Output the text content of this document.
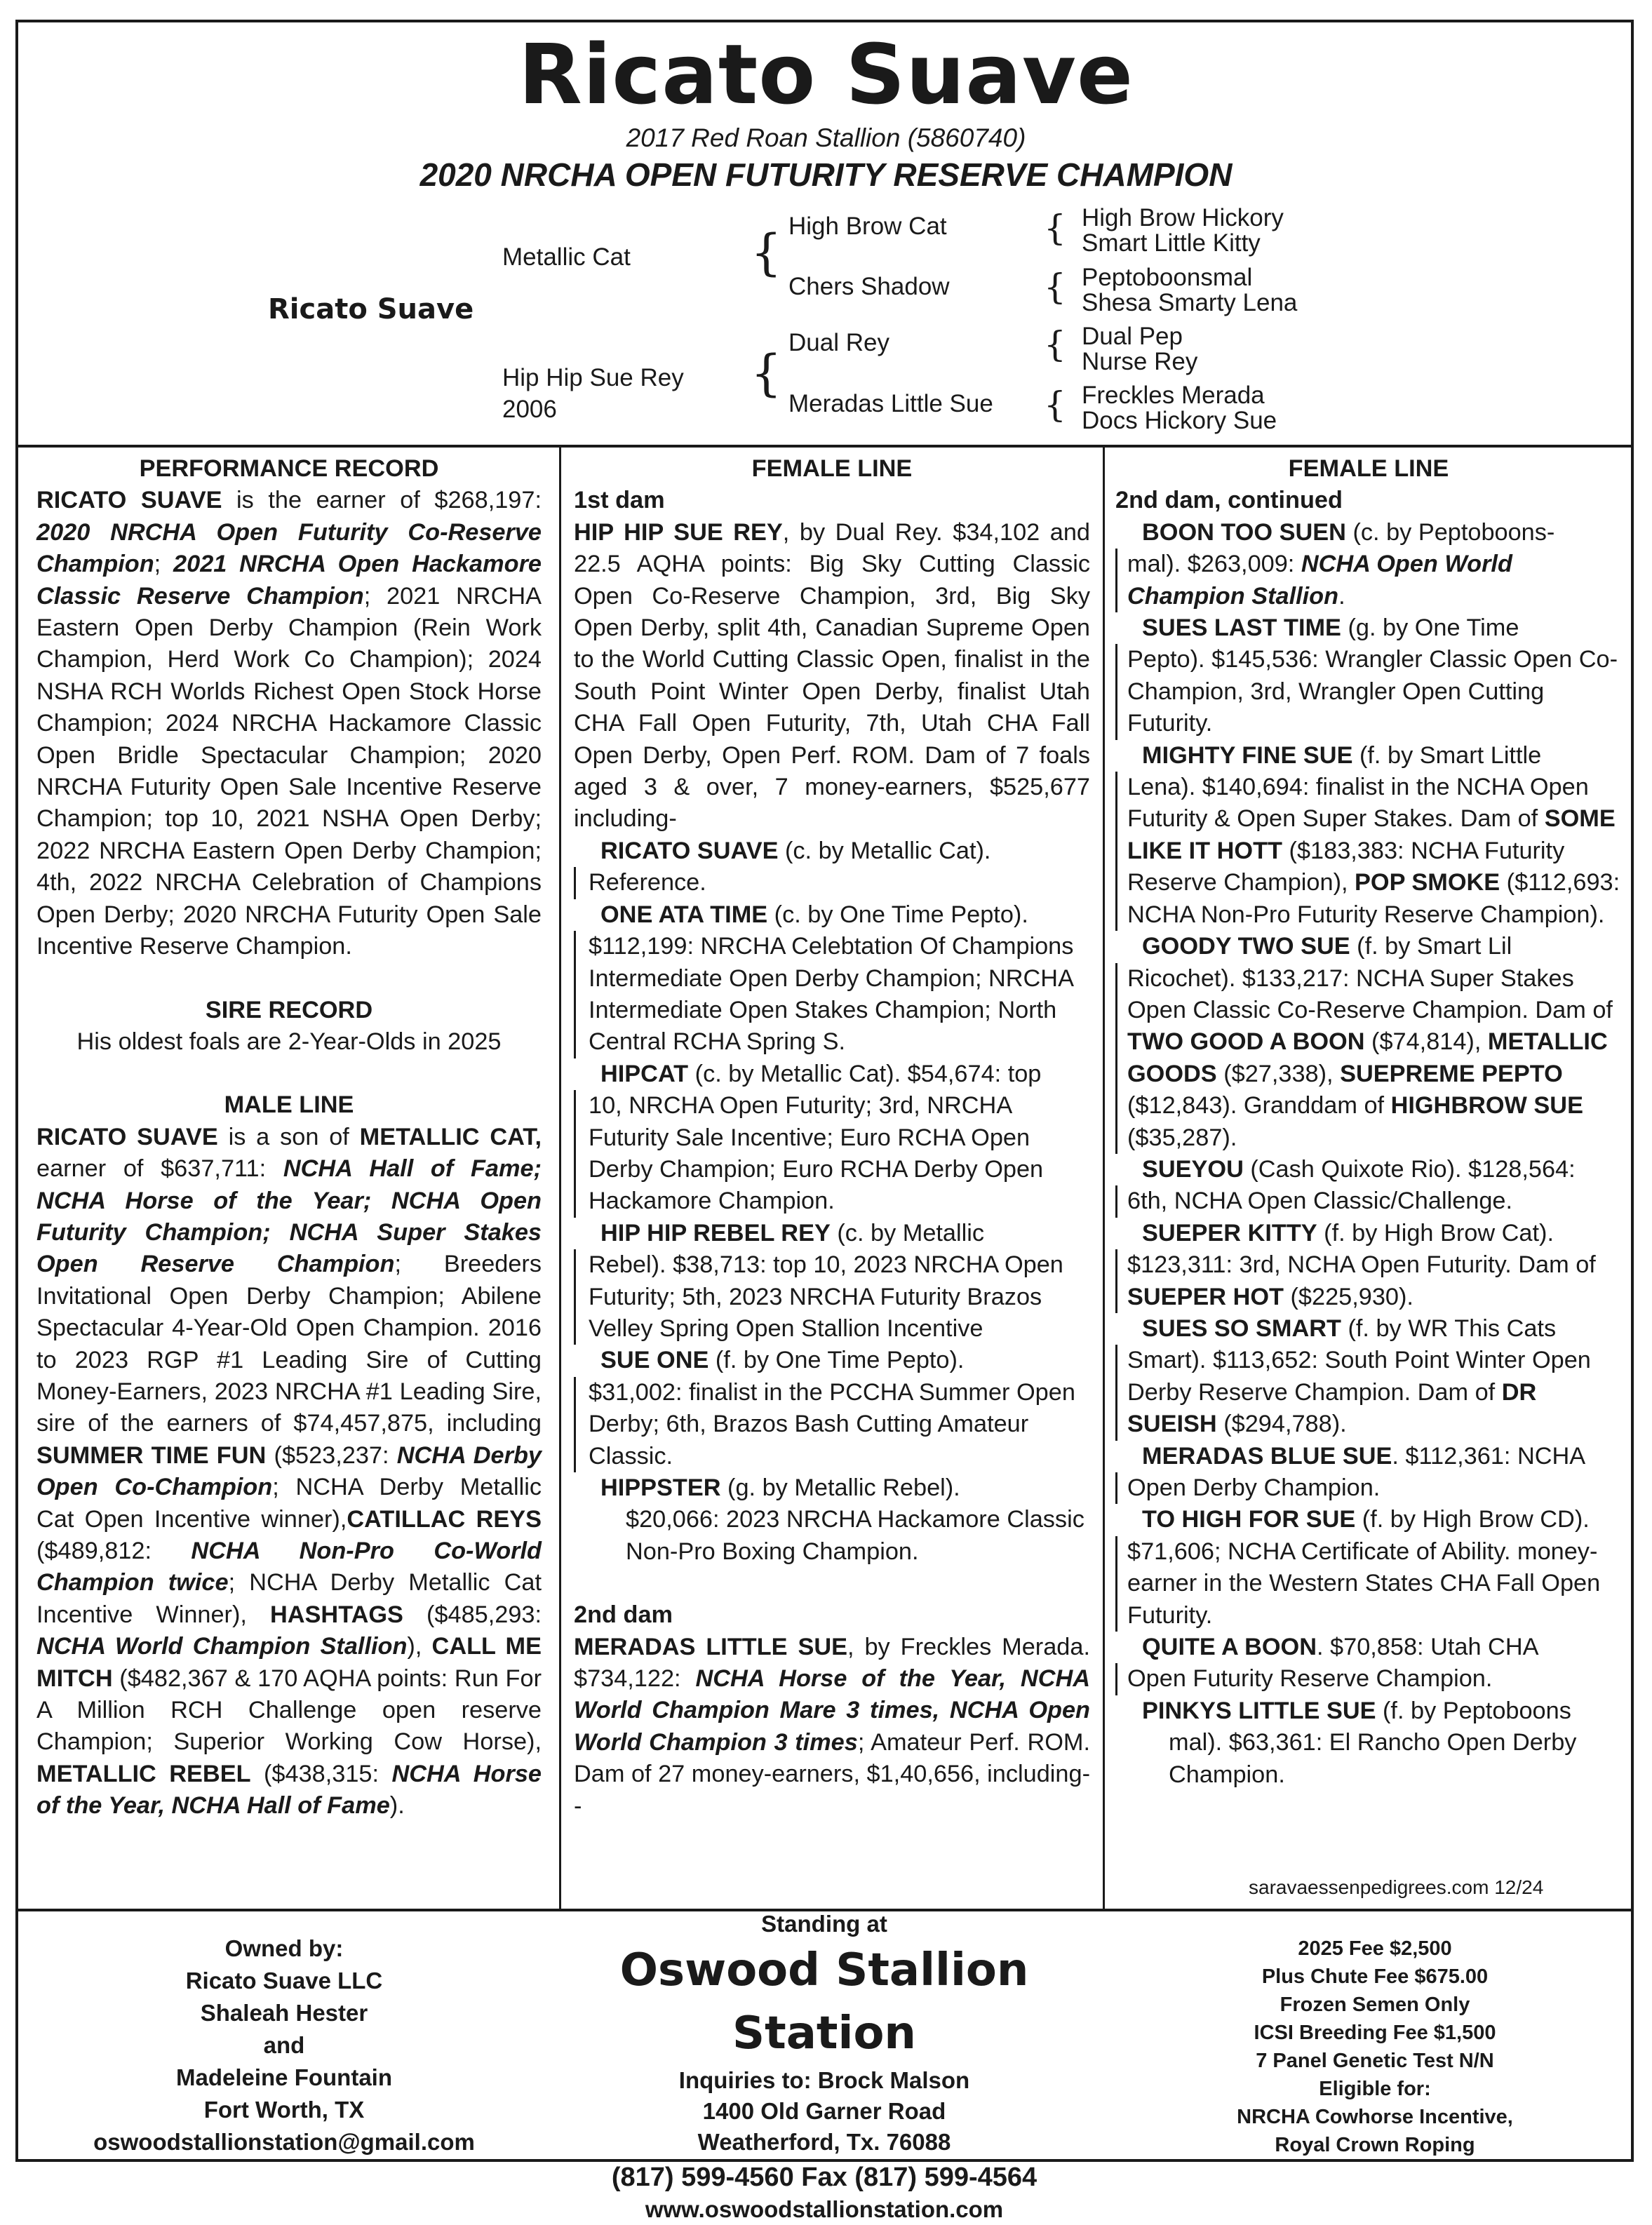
Ricato Suave
2017 Red Roan Stallion (5860740)
2020 NRCHA OPEN FUTURITY RESERVE CHAMPION
Ricato Suave
Metallic Cat
Hip Hip Sue Rey
2006
{
{
High Brow Cat
Chers Shadow
Dual Rey
Meradas Little Sue
{
{
{
{
High Brow Hickory
Smart Little Kitty
Peptoboonsmal
Shesa Smarty Lena
Dual Pep
Nurse Rey
Freckles Merada
Docs Hickory Sue

PERFORMANCE RECORD

RICATO SUAVE is the earner of $268,197: 2020 NRCHA Open Futurity Co-Reserve Champion; 2021 NRCHA Open Hackamore Classic Reserve Champion; 2021 NRCHA Eastern Open Derby Champion (Rein Work Champion, Herd Work Co Champion); 2024 NSHA RCH Worlds Richest Open Stock Horse Champion; 2024 NRCHA Hackamore Classic Open Bridle Spectacular Champion; 2020 NRCHA Futurity Open Sale Incentive Reserve Champion; top 10, 2021 NSHA Open Derby; 2022 NRCHA Eastern Open Derby Champion; 4th, 2022 NRCHA Celebration of Champions Open Derby; 2020 NRCHA Futurity Open Sale Incentive Reserve Champion.

SIRE RECORD

His oldest foals are 2-Year-Olds in 2025

MALE LINE

RICATO SUAVE is a son of METALLIC CAT, earner of $637,711: NCHA Hall of Fame; NCHA Horse of the Year; NCHA Open Futurity Champion; NCHA Super Stakes Open Reserve Champion; Breeders Invitational Open Derby Champion; Abilene Spectacular 4-Year-Old Open Champion. 2016 to 2023 RGP #1 Leading Sire of Cutting Money-Earners, 2023 NRCHA #1 Leading Sire, sire of the earners of $74,457,875, including SUMMER TIME FUN ($523,237: NCHA Derby Open Co-Champion; NCHA Derby Metallic Cat Open Incentive winner),CATILLAC REYS ($489,812: NCHA Non-Pro Co-World Champion twice; NCHA Derby Metallic Cat Incentive Winner), HASHTAGS ($485,293: NCHA World Champion Stallion), CALL ME MITCH ($482,367 & 170 AQHA points: Run For A Million RCH Challenge open reserve Champion; Superior Working Cow Horse), METALLIC REBEL ($438,315: NCHA Horse of the Year, NCHA Hall of Fame).

FEMALE LINE

1st dam

HIP HIP SUE REY, by Dual Rey. $34,102 and 22.5 AQHA points: Big Sky Cutting Classic Open Co-Reserve Champion, 3rd, Big Sky Open Derby, split 4th, Canadian Supreme Open to the World Cutting Classic Open, finalist in the South Point Winter Open Derby, finalist Utah CHA Fall Open Futurity, 7th, Utah CHA Fall Open Derby, Open Perf. ROM. Dam of 7 foals aged 3 & over, 7 money-earners, $525,677 including-

RICATO SUAVE (c. by Metallic Cat).

Reference.

ONE ATA TIME (c. by One Time Pepto).

$112,199: NRCHA Celebtation Of Champions Intermediate Open Derby Champion; NRCHA Intermediate Open Stakes Champion; North Central RCHA Spring S.

HIPCAT (c. by Metallic Cat). $54,674: top

10, NRCHA Open Futurity; 3rd, NRCHA Futurity Sale Incentive; Euro RCHA Open Derby Champion; Euro RCHA Derby Open Hackamore Champion.

HIP HIP REBEL REY (c. by Metallic

Rebel). $38,713: top 10, 2023 NRCHA Open Futurity; 5th, 2023 NRCHA Futurity Brazos Velley Spring Open Stallion Incentive

SUE ONE (f. by One Time Pepto).

$31,002: finalist in the PCCHA Summer Open Derby; 6th, Brazos Bash Cutting Amateur Classic.

HIPPSTER (g. by Metallic Rebel).

$20,066: 2023 NRCHA Hackamore Classic Non-Pro Boxing Champion.

2nd dam

MERADAS LITTLE SUE, by Freckles Merada. $734,122: NCHA Horse of the Year, NCHA World Champion Mare 3 times, NCHA Open World Champion 3 times; Amateur Perf. ROM. Dam of 27 money-earners, $1,40,656, including--

FEMALE LINE

2nd dam, continued

BOON TOO SUEN (c. by Peptoboons-

mal). $263,009: NCHA Open World Champion Stallion.

SUES LAST TIME (g. by One Time

Pepto). $145,536: Wrangler Classic Open Co-Champion, 3rd, Wrangler Open Cutting Futurity.

MIGHTY FINE SUE (f. by Smart Little

Lena). $140,694: finalist in the NCHA Open Futurity & Open Super Stakes. Dam of SOME LIKE IT HOTT ($183,383: NCHA Futurity Reserve Champion), POP SMOKE ($112,693: NCHA Non-Pro Futurity Reserve Champion).

GOODY TWO SUE (f. by Smart Lil

Ricochet). $133,217: NCHA Super Stakes Open Classic Co-Reserve Champion. Dam of TWO GOOD A BOON ($74,814), METALLIC GOODS ($27,338), SUEPREME PEPTO ($12,843). Granddam of HIGHBROW SUE ($35,287).

SUEYOU (Cash Quixote Rio). $128,564:

6th, NCHA Open Classic/Challenge.

SUEPER KITTY (f. by High Brow Cat).

$123,311: 3rd, NCHA Open Futurity. Dam of SUEPER HOT ($225,930).

SUES SO SMART (f. by WR This Cats

Smart). $113,652: South Point Winter Open Derby Reserve Champion. Dam of DR SUEISH ($294,788).

MERADAS BLUE SUE. $112,361: NCHA

Open Derby Champion.

TO HIGH FOR SUE (f. by High Brow CD).

$71,606; NCHA Certificate of Ability. money-earner in the Western States CHA Fall Open Futurity.

QUITE A BOON. $70,858: Utah CHA

Open Futurity Reserve Champion.

PINKYS LITTLE SUE (f. by Peptoboons

mal). $63,361: El Rancho Open Derby Champion.

saravaessenpedigrees.com 12/24
Owned by:
Ricato Suave LLC
Shaleah Hester
and
Madeleine Fountain
Fort Worth, TX
oswoodstallionstation@gmail.com
Standing at
Oswood Stallion Station
Inquiries to: Brock Malson
1400 Old Garner Road
Weatherford, Tx. 76088
(817) 599-4560 Fax (817) 599-4564
www.oswoodstallionstation.com
2025 Fee $2,500
Plus Chute Fee $675.00
Frozen Semen Only
ICSI Breeding Fee $1,500
7 Panel Genetic Test N/N
Eligible for:
NRCHA Cowhorse Incentive,
Royal Crown Roping
